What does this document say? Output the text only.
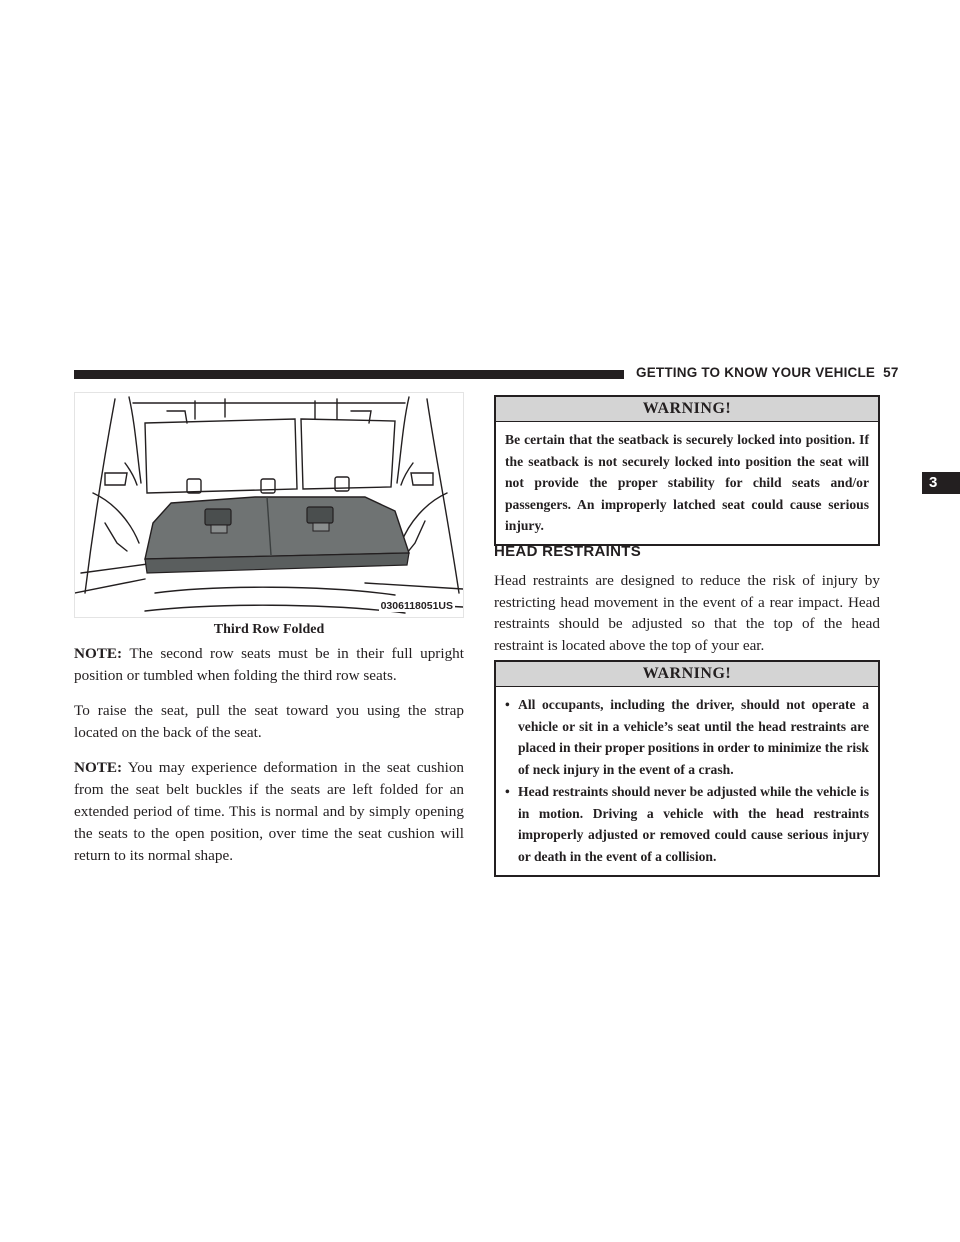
GETTING TO KNOW YOUR VEHICLE 57
3
0306118051US
Third Row Folded

NOTE: The second row seats must be in their full upright position or tumbled when folding the third row seats.

To raise the seat, pull the seat toward you using the strap located on the back of the seat.

NOTE: You may experience deformation in the seat cushion from the seat belt buckles if the seats are left folded for an extended period of time. This is normal and by simply opening the seats to the open position, over time the seat cushion will return to its normal shape.

WARNING!
Be certain that the seatback is securely locked into position. If the seatback is not securely locked into position the seat will not provide the proper stability for child seats and/or passengers. An improperly latched seat could cause serious injury.
HEAD RESTRAINTS

Head restraints are designed to reduce the risk of injury by restricting head movement in the event of a rear impact. Head restraints should be adjusted so that the top of the head restraint is located above the top of your ear.

WARNING!
• All occupants, including the driver, should not operate a vehicle or sit in a vehicle’s seat until the head restraints are placed in their proper positions in order to minimize the risk of neck injury in the event of a crash.
• Head restraints should never be adjusted while the vehicle is in motion. Driving a vehicle with the head restraints improperly adjusted or removed could cause serious injury or death in the event of a collision.
